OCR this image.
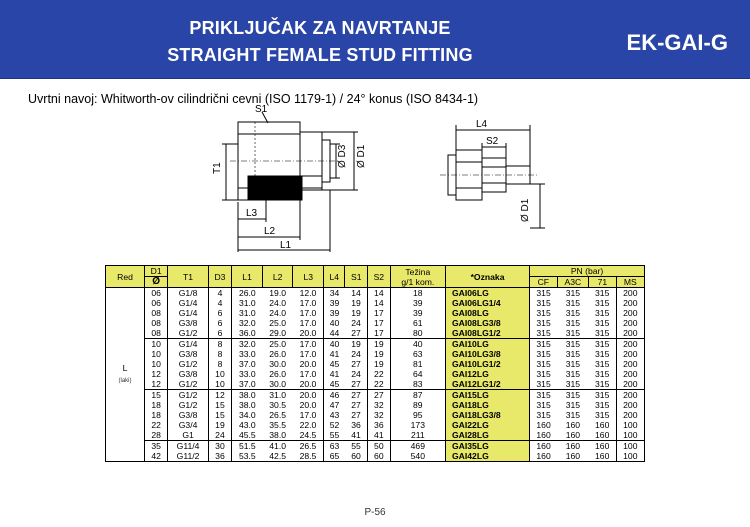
PRIKLJUČAK ZA NAVRTANJE
STRAIGHT FEMALE STUD FITTING	EK-GAI-G
Uvrtni navoj: Whitworth-ov cilindrični cevni (ISO 1179-1) / 24° konus (ISO 8434-1)
S1
T1
Ø D3 Ø D1
L3
L2
L1
L4
S2
Ø D1
Red	D1	T1	D3	L1	L2	L3	L4	S1	S2	Težina
g/1 kom.	*Oznaka	PN (bar)			
	Ø											CF	A3C	71	MS
L
(laki)	06	G1/8	4	26.0	19.0	12.0	34	14	14	18	GAI06LG	315	315	315	200
	06	G1/4	4	31.0	24.0	17.0	39	19	14	39	GAI06LG1/4	315	315	315	200
	08	G1/4	6	31.0	24.0	17.0	39	19	17	39	GAI08LG	315	315	315	200
	08	G3/8	6	32.0	25.0	17.0	40	24	17	61	GAI08LG3/8	315	315	315	200
	08	G1/2	6	36.0	29.0	20.0	44	27	17	80	GAI08LG1/2	315	315	315	200
	10	G1/4	8	32.0	25.0	17.0	40	19	19	40	GAI10LG	315	315	315	200
	10	G3/8	8	33.0	26.0	17.0	41	24	19	63	GAI10LG3/8	315	315	315	200
	10	G1/2	8	37.0	30.0	20.0	45	27	19	81	GAI10LG1/2	315	315	315	200
	12	G3/8	10	33.0	26.0	17.0	41	24	22	64	GAI12LG	315	315	315	200
	12	G1/2	10	37.0	30.0	20.0	45	27	22	83	GAI12LG1/2	315	315	315	200
	15	G1/2	12	38.0	31.0	20.0	46	27	27	87	GAI15LG	315	315	315	200
	18	G1/2	15	38.0	30.5	20.0	47	27	32	89	GAI18LG	315	315	315	200
	18	G3/8	15	34.0	26.5	17.0	43	27	32	95	GAI18LG3/8	315	315	315	200
	22	G3/4	19	43.0	35.5	22.0	52	36	36	173	GAI22LG	160	160	160	100
	28	G1	24	45.5	38.0	24.5	55	41	41	211	GAI28LG	160	160	160	100
	35	G11/4	30	51.5	41.0	26.5	63	55	50	469	GAI35LG	160	160	160	100
	42	G11/2	36	53.5	42.5	28.5	65	60	60	540	GAI42LG	160	160	160	100
P-56
